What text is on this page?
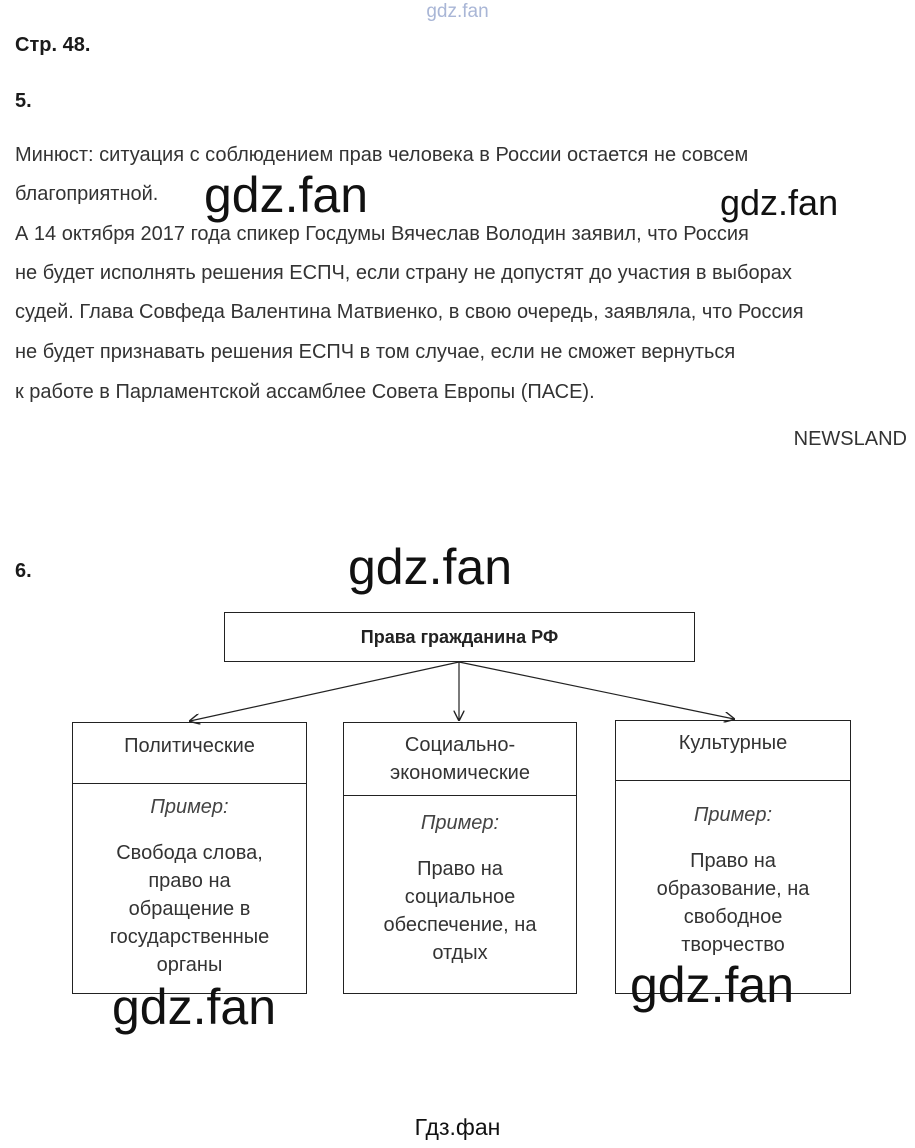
gdz.fan
Стр. 48.
5.
Минюст: ситуация с соблюдением прав человека в России остается не совсем
благоприятной.
А 14 октября 2017 года спикер Госдумы Вячеслав Володин заявил, что Россия
не будет исполнять решения ЕСПЧ, если страну не допустят до участия в выборах
судей. Глава Совфеда Валентина Матвиенко, в свою очередь, заявляла, что Россия
не будет признавать решения ЕСПЧ в том случае, если не сможет вернуться
к работе в Парламентской ассамблее Совета Европы (ПАСЕ).
NEWSLAND
gdz.fan	gdz.fan
6.	gdz.fan
Права гражданина РФ
Политические
Пример:
Свобода слова,
право на
обращение в
государственные
органы
Социально-
экономические
Пример:
Право на
социальное
обеспечение, на
отдых
Культурные
Пример:
Право на
образование, на
свободное
творчество
gdz.fan	gdz.fan
Гдз.фан
